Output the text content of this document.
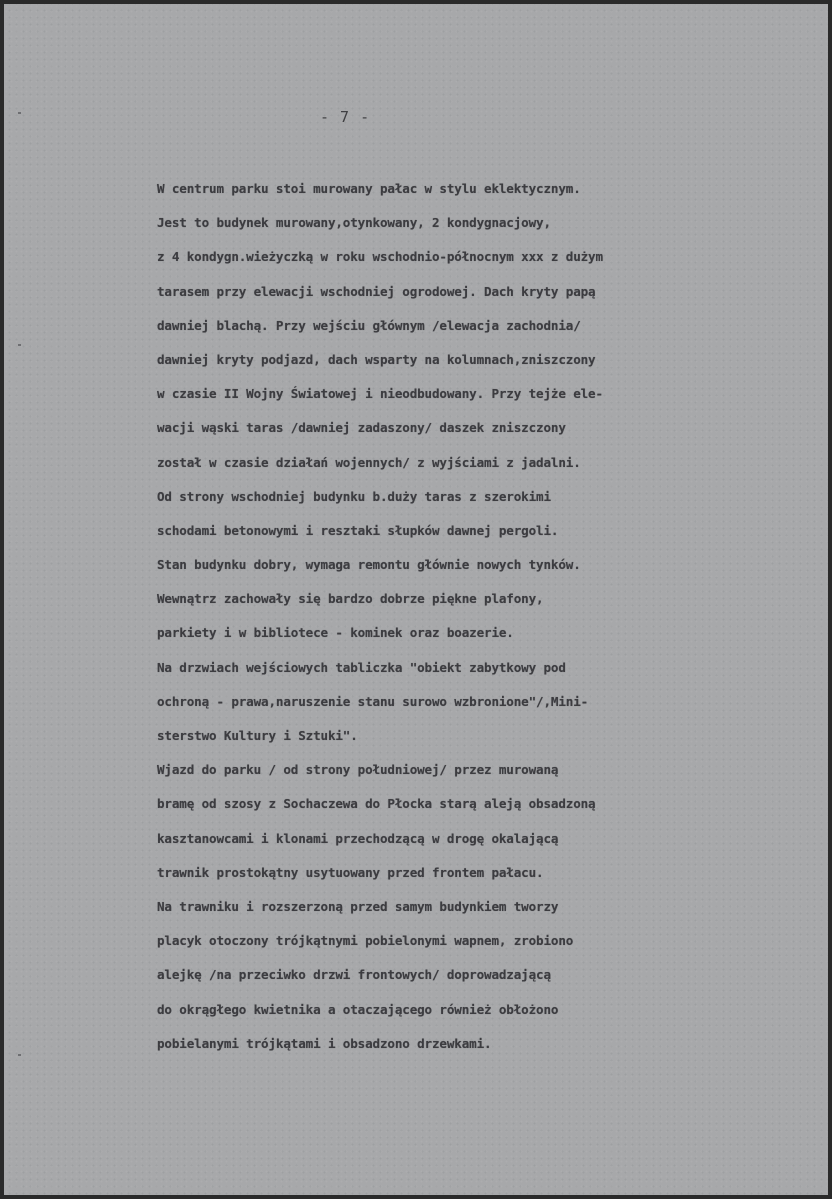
- 7 -

W centrum parku stoi murowany pałac w stylu eklektycznym.
Jest to budynek murowany,otynkowany, 2 kondygnacjowy,
z 4 kondygn.wieżyczką w roku wschodnio-północnym xxx z dużym
tarasem przy elewacji wschodniej ogrodowej. Dach kryty papą
dawniej blachą. Przy wejściu głównym /elewacja zachodnia/
dawniej kryty podjazd, dach wsparty na kolumnach,zniszczony
w czasie II Wojny Światowej i nieodbudowany. Przy tejże ele-
wacji wąski taras /dawniej zadaszony/ daszek zniszczony
został w czasie działań wojennych/ z wyjściami z jadalni.
Od strony wschodniej budynku b.duży taras z szerokimi
schodami betonowymi i resztaki słupków dawnej pergoli.
Stan budynku dobry, wymaga remontu głównie nowych tynków.
Wewnątrz zachowały się bardzo dobrze piękne plafony,
parkiety i w bibliotece - kominek oraz boazerie.
Na drzwiach wejściowych tabliczka "obiekt zabytkowy pod
ochroną - prawa,naruszenie stanu surowo wzbronione"/,Mini-
sterstwo Kultury i Sztuki".
Wjazd do parku / od strony południowej/ przez murowaną
bramę od szosy z Sochaczewa do Płocka starą aleją obsadzoną
kasztanowcami i klonami przechodzącą w drogę okalającą
trawnik prostokątny usytuowany przed frontem pałacu.
Na trawniku i rozszerzoną przed samym budynkiem tworzy
placyk otoczony trójkątnymi pobielonymi wapnem, zrobiono
alejkę /na przeciwko drzwi frontowych/ doprowadzającą
do okrągłego kwietnika a otaczającego również obłożono
pobielanymi trójkątami i obsadzono drzewkami.
